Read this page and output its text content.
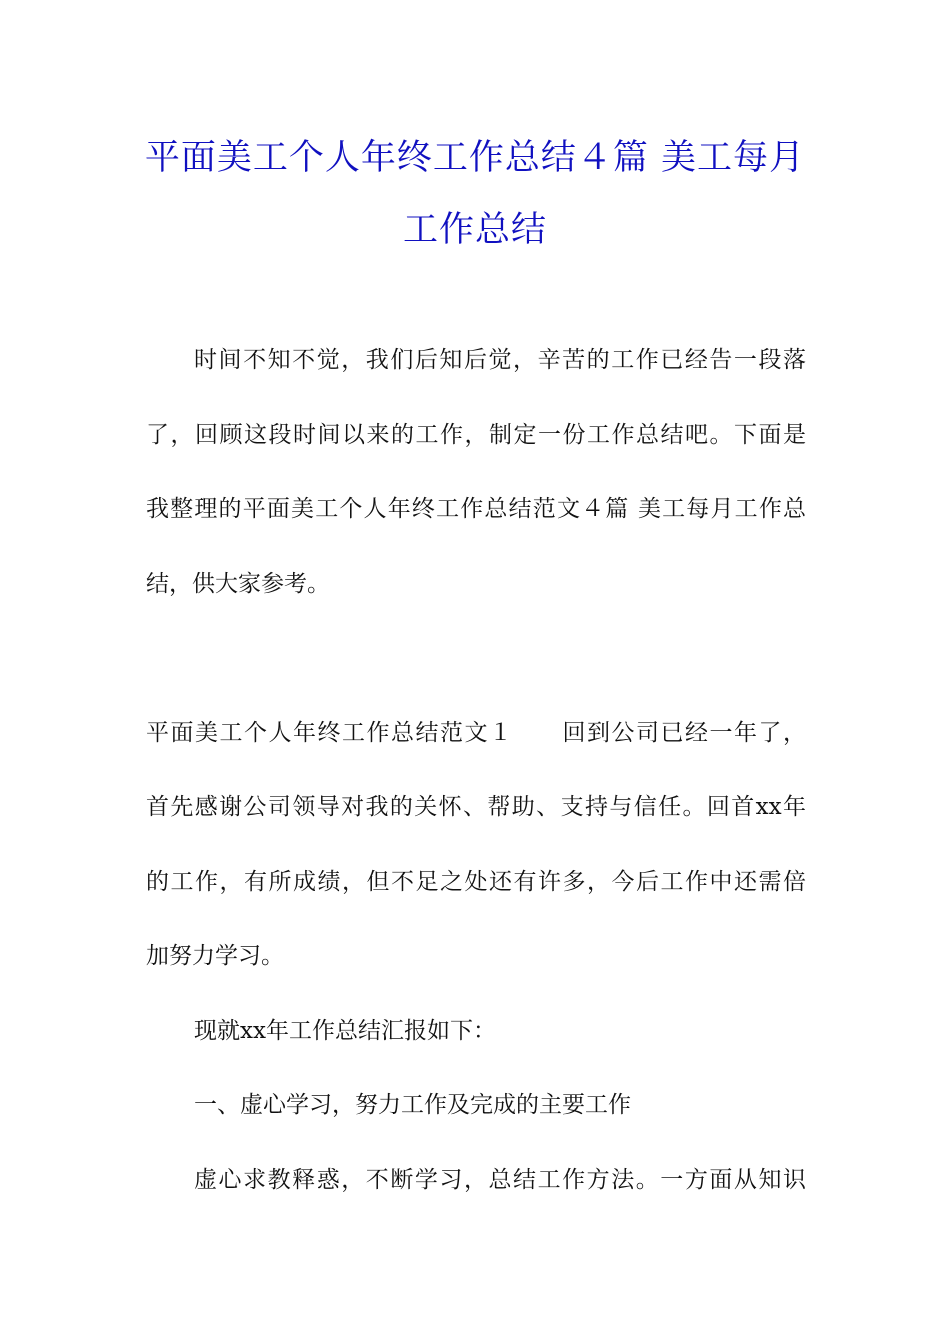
平面美工个人年终工作总结４篇 美工每月
工作总结
时间不知不觉，我们后知后觉，辛苦的工作已经告一段落
了，回顾这段时间以来的工作，制定一份工作总结吧。下面是
我整理的平面美工个人年终工作总结范文４篇 美工每月工作总
结，供大家参考。
平面美工个人年终工作总结范文１　　回到公司已经一年了，
首先感谢公司领导对我的关怀、帮助、支持与信任。回首xx年
的工作，有所成绩，但不足之处还有许多，今后工作中还需倍
加努力学习。
现就xx年工作总结汇报如下：
一、虚心学习，努力工作及完成的主要工作
虚心求教释惑，不断学习，总结工作方法。一方面从知识
